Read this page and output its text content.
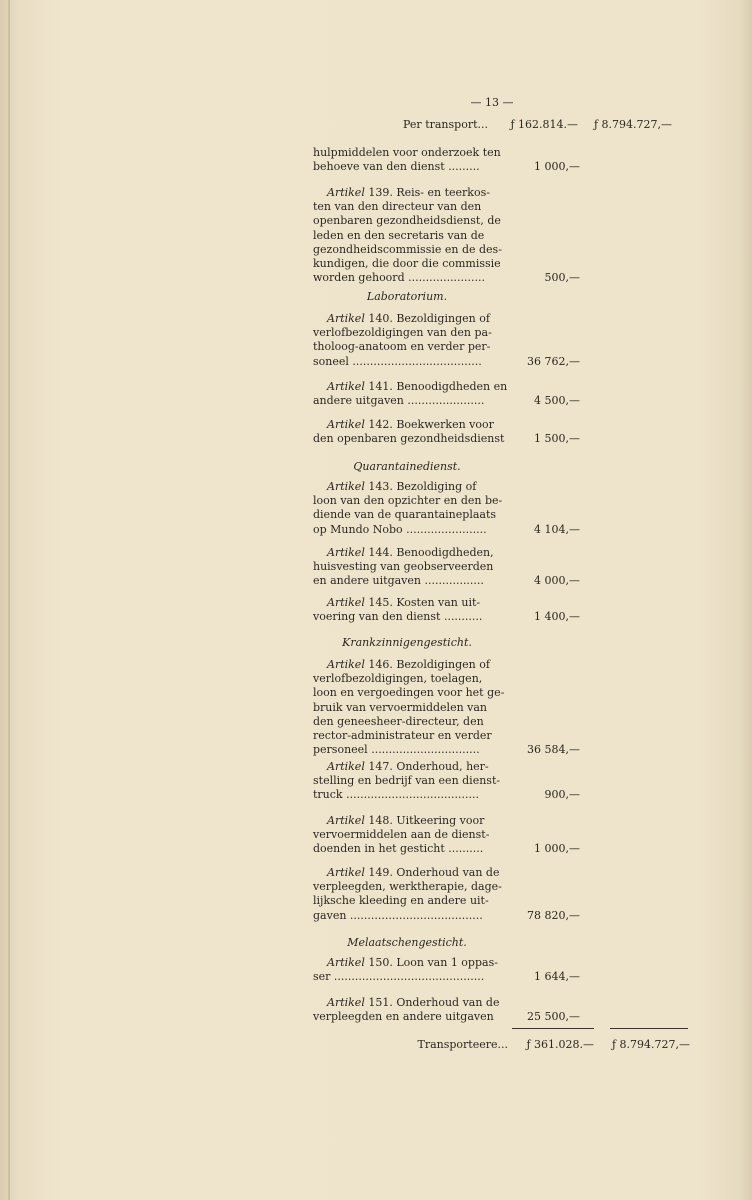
— 13 —
Per transport...	ƒ 162.814.—	ƒ 8.794.727,—
hulpmiddelen voor onderzoek ten
behoeve van den dienst .........	1 000,—
Artikel 139. Reis- en teerkos-
ten van den directeur van den
openbaren gezondheidsdienst, de
leden en den secretaris van de
gezondheidscommissie en de des-
kundigen, die door die commissie
worden gehoord ......................	500,—
Laboratorium.
Artikel 140. Bezoldigingen of
verlofbezoldigingen van den pa-
tholoog-anatoom en verder per-
soneel .....................................	36 762,—
Artikel 141. Benoodigdheden en
andere uitgaven ......................	4 500,—
Artikel 142. Boekwerken voor
den openbaren gezondheidsdienst	1 500,—
Quarantainedienst.
Artikel 143. Bezoldiging of
loon van den opzichter en den be-
diende van de quarantaineplaats
op Mundo Nobo .......................	4 104,—
Artikel 144. Benoodigdheden,
huisvesting van geobserveerden
en andere uitgaven .................	4 000,—
Artikel 145. Kosten van uit-
voering van den dienst ...........	1 400,—
Krankzinnigengesticht.
Artikel 146. Bezoldigingen of
verlofbezoldigingen, toelagen,
loon en vergoedingen voor het ge-
bruik van vervoermiddelen van
den geneesheer-directeur, den
rector-administrateur en verder
personeel ...............................	36 584,—
Artikel 147. Onderhoud, her-
stelling en bedrijf van een dienst-
truck ......................................	900,—
Artikel 148. Uitkeering voor
vervoermiddelen aan de dienst-
doenden in het gesticht ..........	1 000,—
Artikel 149. Onderhoud van de
verpleegden, werktherapie, dage-
lijksche kleeding en andere uit-
gaven ......................................	78 820,—
Melaatschengesticht.
Artikel 150. Loon van 1 oppas-
ser ...........................................	1 644,—
Artikel 151. Onderhoud van de
verpleegden en andere uitgaven	25 500,—
Transporteere...	ƒ 361.028.—	ƒ 8.794.727,—
